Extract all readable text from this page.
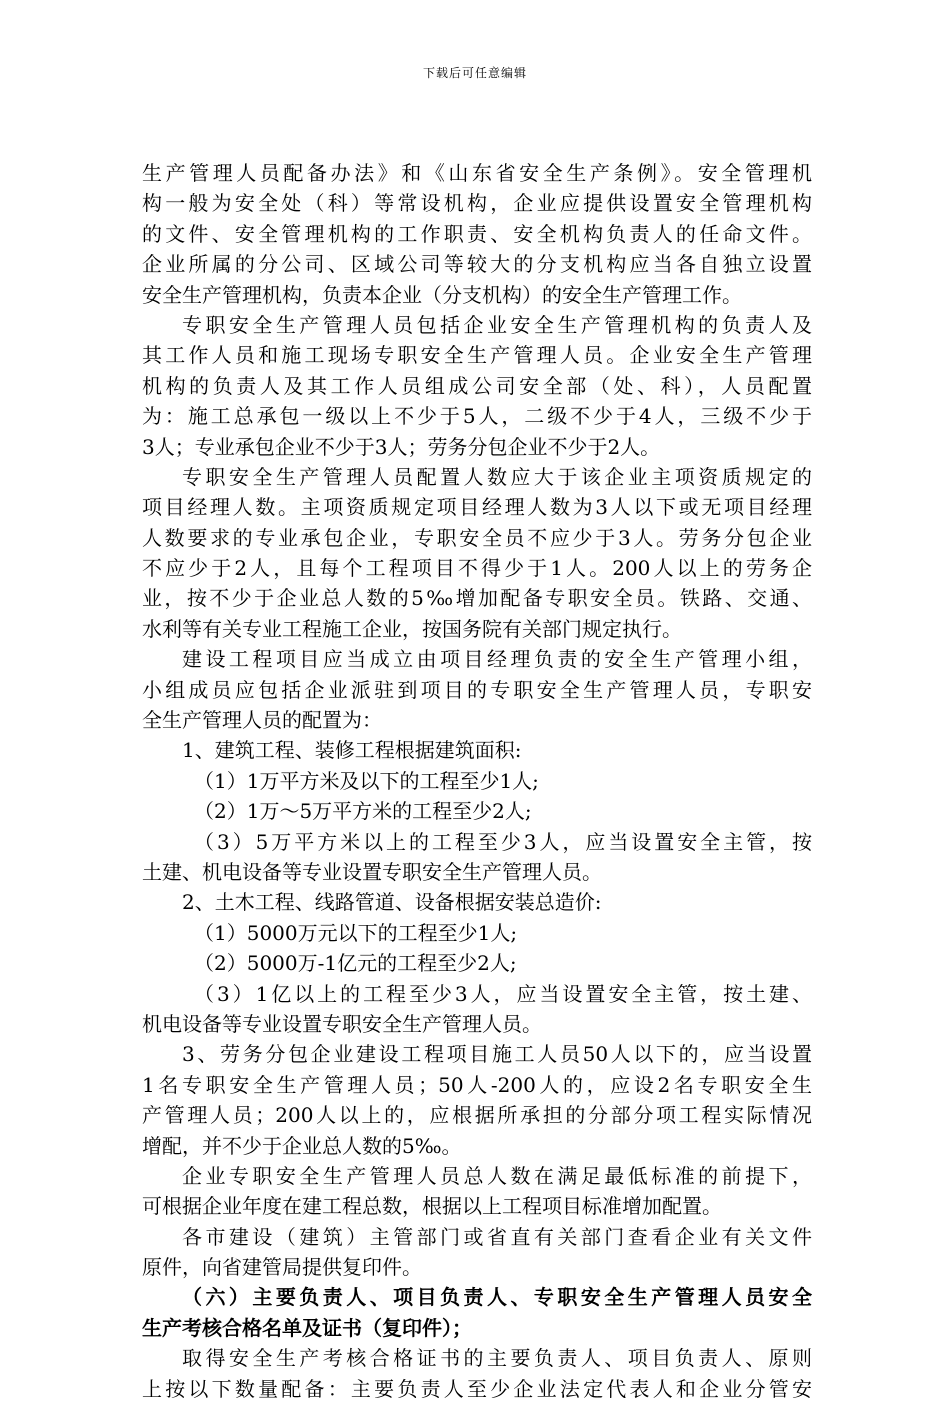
下载后可任意编辑
生产管理人员配备办法》和《山东省安全生产条例》。安全管理机
构一般为安全处（科）等常设机构，企业应提供设置安全管理机构
的文件、安全管理机构的工作职责、安全机构负责人的任命文件。
企业所属的分公司、区域公司等较大的分支机构应当各自独立设置
安全生产管理机构，负责本企业（分支机构）的安全生产管理工作。
专职安全生产管理人员包括企业安全生产管理机构的负责人及
其工作人员和施工现场专职安全生产管理人员。企业安全生产管理
机构的负责人及其工作人员组成公司安全部（处、科），人员配置
为：施工总承包一级以上不少于5人，二级不少于4人，三级不少于
3人；专业承包企业不少于3人；劳务分包企业不少于2人。
专职安全生产管理人员配置人数应大于该企业主项资质规定的
项目经理人数。主项资质规定项目经理人数为3人以下或无项目经理
人数要求的专业承包企业，专职安全员不应少于3人。劳务分包企业
不应少于2人，且每个工程项目不得少于1人。200人以上的劳务企
业，按不少于企业总人数的5‰增加配备专职安全员。铁路、交通、
水利等有关专业工程施工企业，按国务院有关部门规定执行。
建设工程项目应当成立由项目经理负责的安全生产管理小组，
小组成员应包括企业派驻到项目的专职安全生产管理人员，专职安
全生产管理人员的配置为：
1、建筑工程、装修工程根据建筑面积:
（1）1万平方米及以下的工程至少1人;
（2）1万～5万平方米的工程至少2人;
（3）5万平方米以上的工程至少3人，应当设置安全主管，按
土建、机电设备等专业设置专职安全生产管理人员。
2、土木工程、线路管道、设备根据安装总造价:
（1）5000万元以下的工程至少1人;
（2）5000万-1亿元的工程至少2人;
（3）1亿以上的工程至少3人，应当设置安全主管，按土建、
机电设备等专业设置专职安全生产管理人员。
3、劳务分包企业建设工程项目施工人员50人以下的，应当设置
1名专职安全生产管理人员；50人-200人的，应设2名专职安全生
产管理人员；200人以上的，应根据所承担的分部分项工程实际情况
增配，并不少于企业总人数的5‰。
企业专职安全生产管理人员总人数在满足最低标准的前提下，
可根据企业年度在建工程总数，根据以上工程项目标准增加配置。
各市建设（建筑）主管部门或省直有关部门查看企业有关文件
原件，向省建管局提供复印件。
（六）主要负责人、项目负责人、专职安全生产管理人员安全
生产考核合格名单及证书（复印件）；
取得安全生产考核合格证书的主要负责人、项目负责人、原则
上按以下数量配备：主要负责人至少企业法定代表人和企业分管安
